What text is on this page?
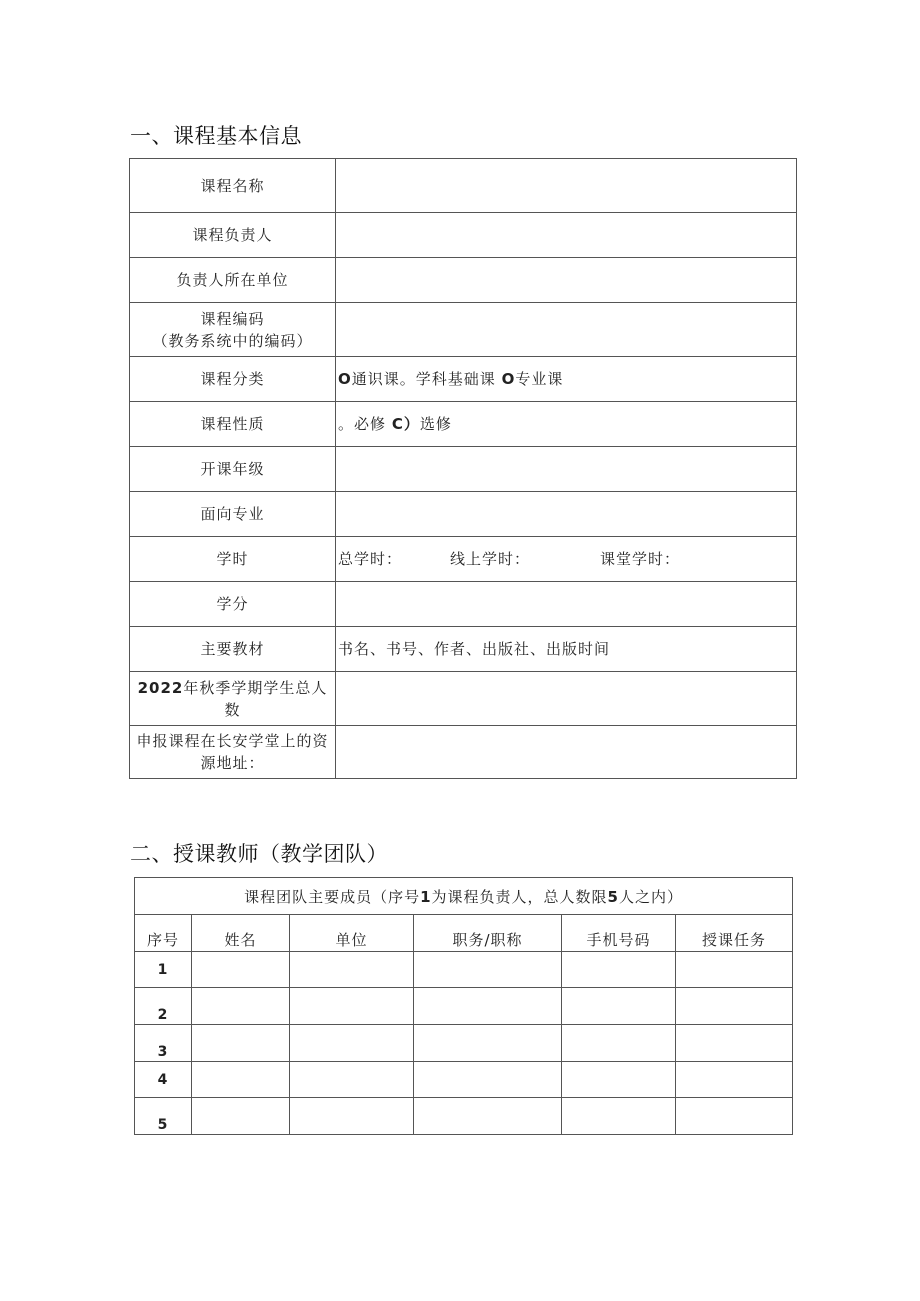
一、课程基本信息
课程名称	
课程负责人	
负责人所在单位	

课程编码
（教务系统中的编码）	

课程分类	O通识课。学科基础课 O专业课
课程性质	。必修 C）选修
开课年级	
面向专业	
学时	总学时： 线上学时： 课堂学时：
学分	
主要教材	书名、书号、作者、出版社、出版时间

2022年秋季学期学生总人
数	

申报课程在长安学堂上的资
源地址：	

二、授课教师（教学团队）
课程团队主要成员（序号1为课程负责人，总人数限5人之内）					
序号	姓名	单位	职务/职称	手机号码	授课任务
1					
2					
3					
4					
5					
